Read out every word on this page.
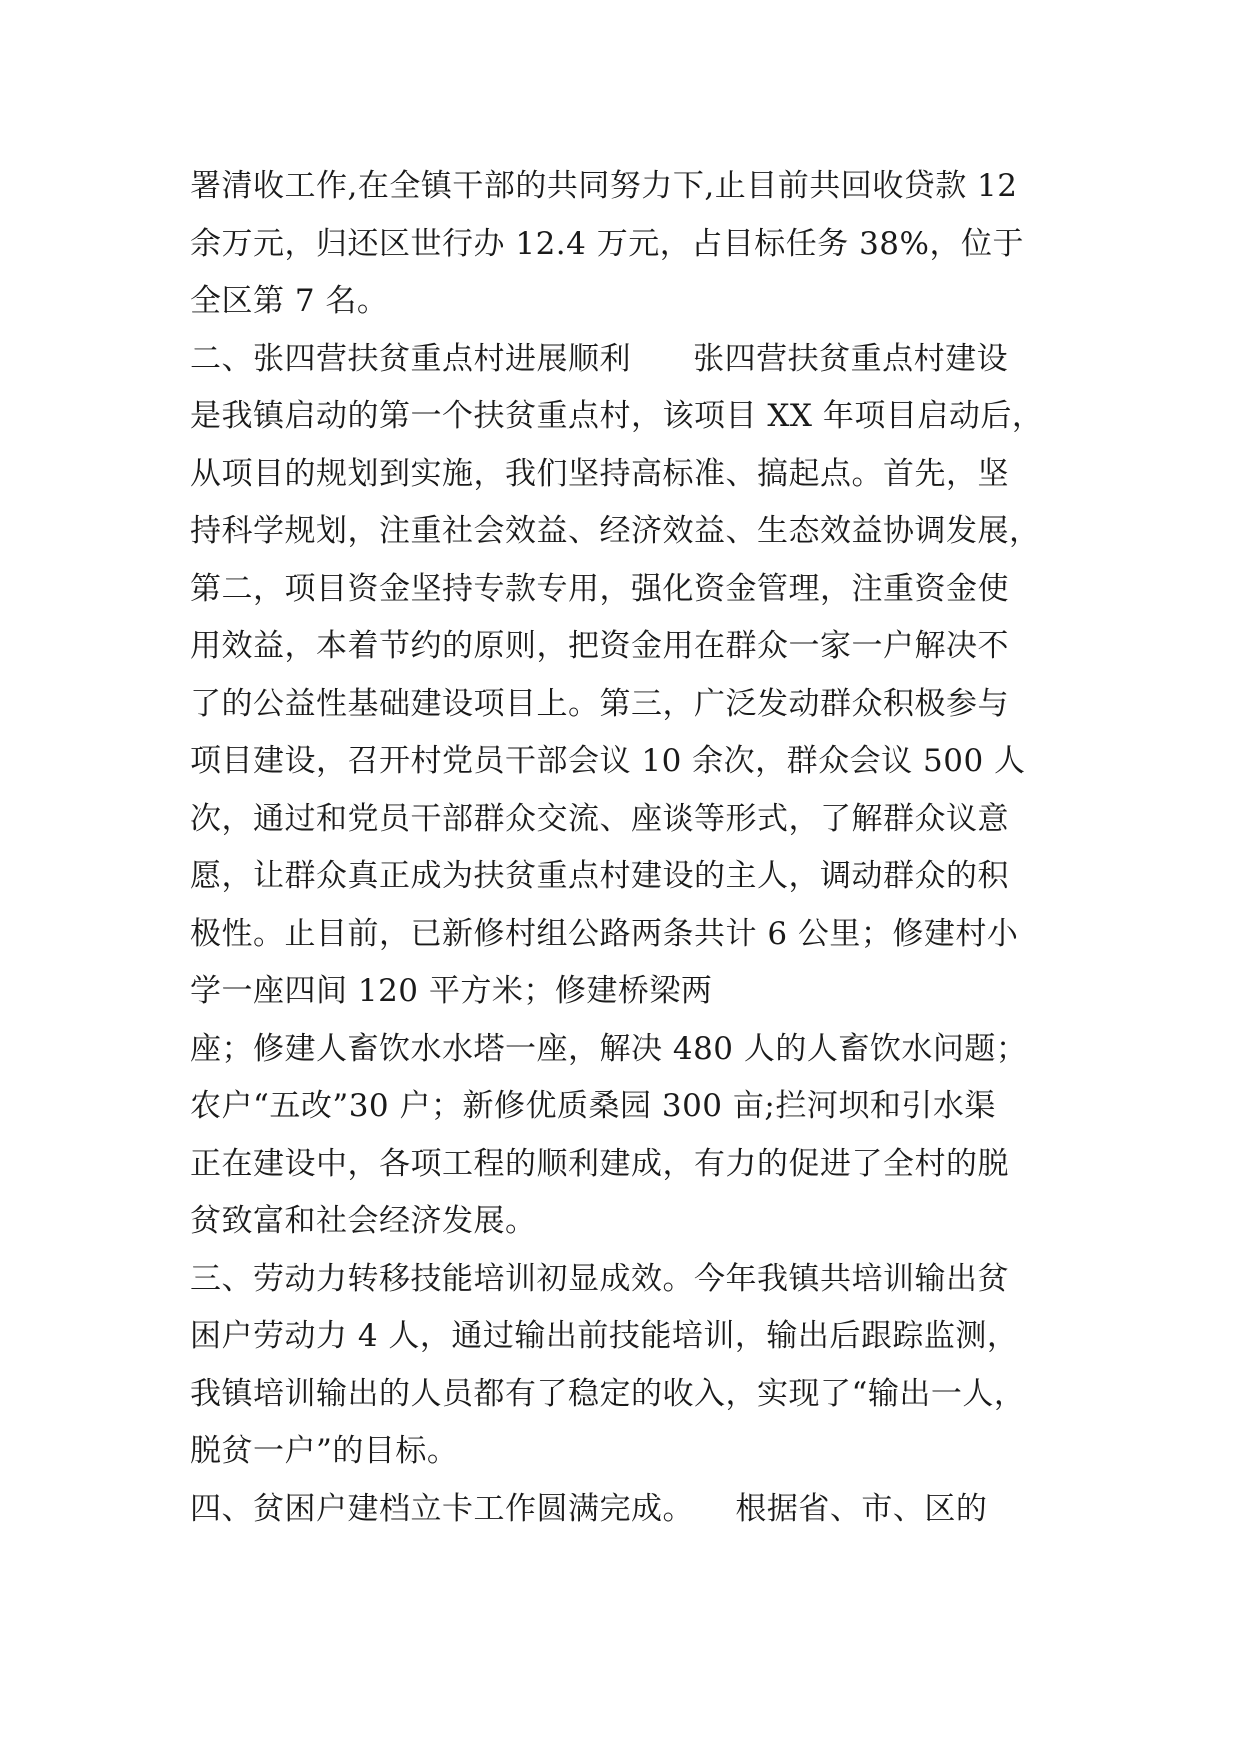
署清收工作,在全镇干部的共同努力下,止目前共回收贷款 12
余万元，归还区世行办 12.4 万元，占目标任务 38%，位于
全区第 7 名。
二、张四营扶贫重点村进展顺利      张四营扶贫重点村建设
是我镇启动的第一个扶贫重点村，该项目 XX 年项目启动后，
从项目的规划到实施，我们坚持高标准、搞起点。首先，坚
持科学规划，注重社会效益、经济效益、生态效益协调发展，
第二，项目资金坚持专款专用，强化资金管理，注重资金使
用效益，本着节约的原则，把资金用在群众一家一户解决不
了的公益性基础建设项目上。第三，广泛发动群众积极参与
项目建设，召开村党员干部会议 10 余次，群众会议 500 人
次，通过和党员干部群众交流、座谈等形式，了解群众议意
愿，让群众真正成为扶贫重点村建设的主人，调动群众的积
极性。止目前，已新修村组公路两条共计 6 公里；修建村小
学一座四间 120 平方米；修建桥梁两
座；修建人畜饮水水塔一座，解决 480 人的人畜饮水问题；
农户“五改”30 户；新修优质桑园 300 亩;拦河坝和引水渠
正在建设中，各项工程的顺利建成，有力的促进了全村的脱
贫致富和社会经济发展。
三、劳动力转移技能培训初显成效。今年我镇共培训输出贫
困户劳动力 4 人，通过输出前技能培训，输出后跟踪监测，
我镇培训输出的人员都有了稳定的收入，实现了“输出一人，
脱贫一户”的目标。
四、贫困户建档立卡工作圆满完成。    根据省、市、区的
